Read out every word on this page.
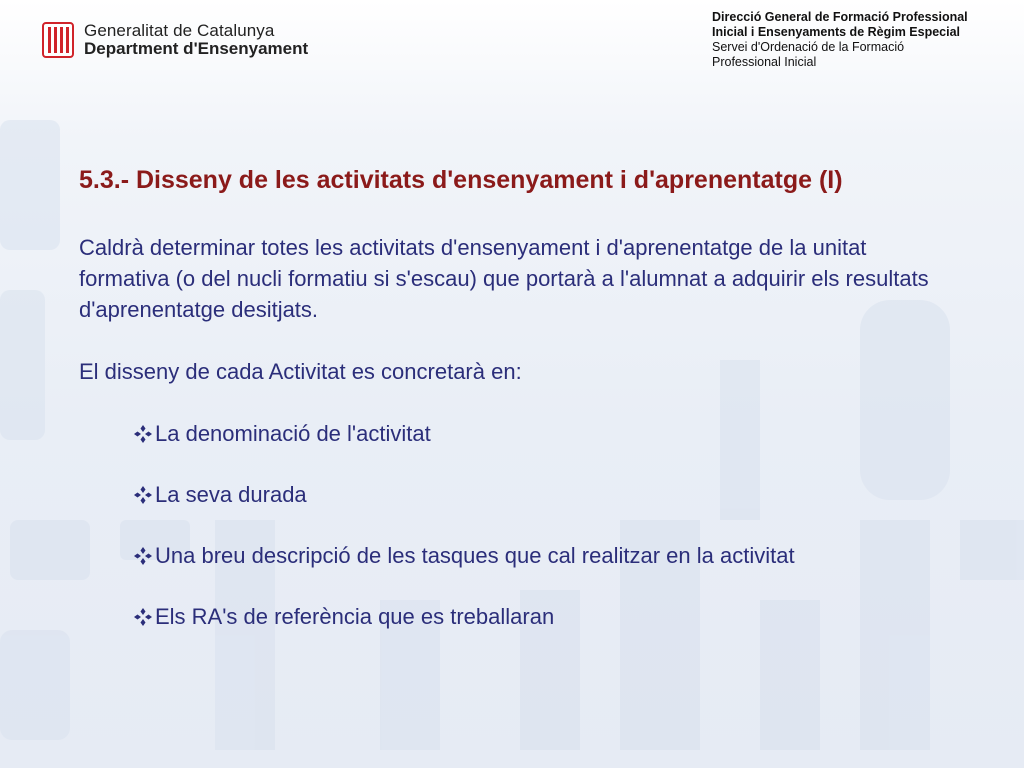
Generalitat de Catalunya
Department d'Ensenyament
Direcció General de Formació Professional
Inicial i Ensenyaments de Règim Especial
Servei d'Ordenació de la Formació
Professional Inicial
5.3.- Disseny de les activitats d'ensenyament i d'aprenentatge (I)

Caldrà determinar totes les activitats d'ensenyament i d'aprenentatge de la unitat formativa (o del nucli formatiu si s'escau) que portarà a l'alumnat a adquirir els resultats d'aprenentatge desitjats.

El disseny de cada Activitat es concretarà en:

La denominació de l'activitat
La seva durada
Una breu descripció de les tasques que cal realitzar en la activitat
Els RA's de referència que es treballaran
